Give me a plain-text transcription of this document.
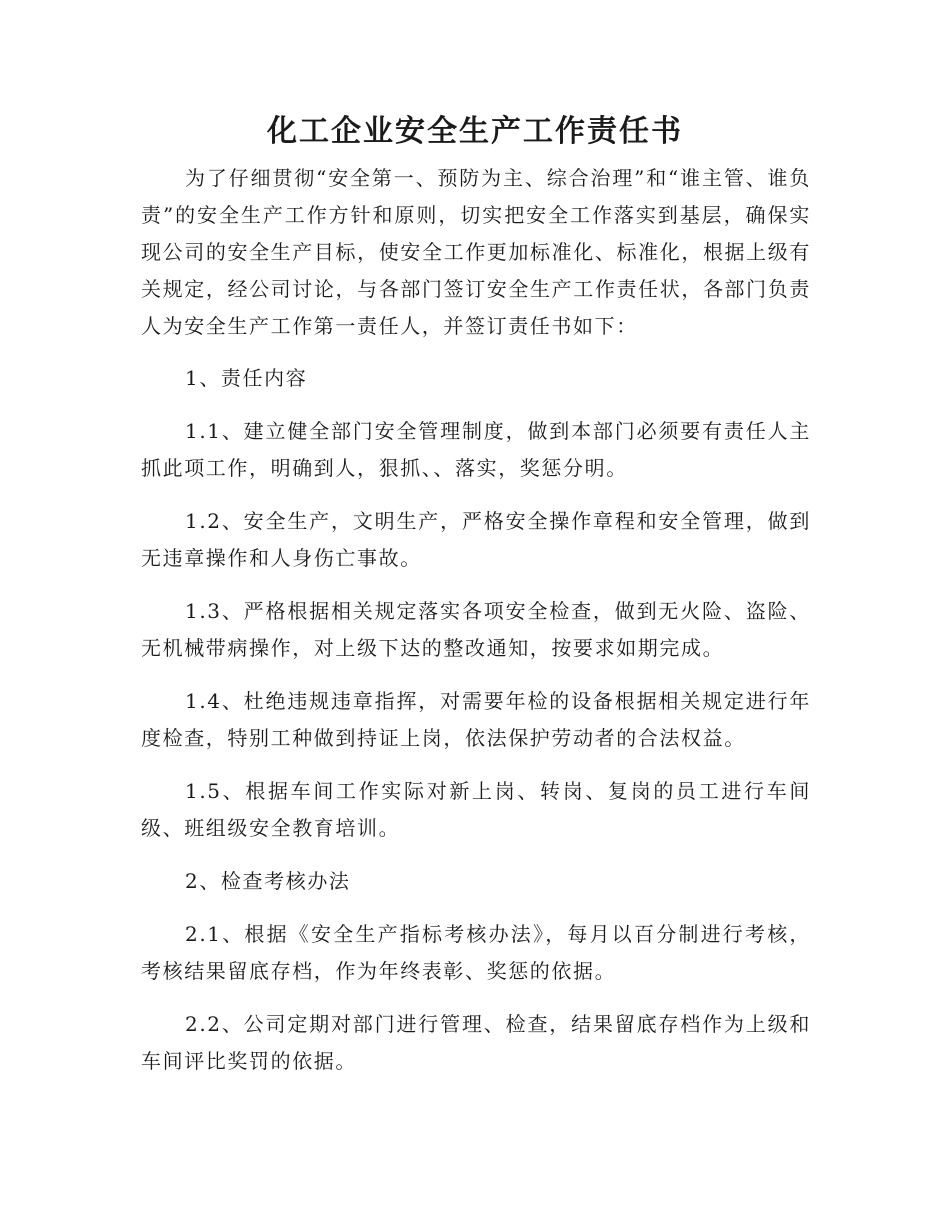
化工企业安全生产工作责任书

为了仔细贯彻“安全第一、预防为主、综合治理”和“谁主管、谁负责”的安全生产工作方针和原则，切实把安全工作落实到基层，确保实现公司的安全生产目标，使安全工作更加标准化、标准化，根据上级有关规定，经公司讨论，与各部门签订安全生产工作责任状，各部门负责人为安全生产工作第一责任人，并签订责任书如下：

1、责任内容

1.1、建立健全部门安全管理制度，做到本部门必须要有责任人主抓此项工作，明确到人，狠抓、、落实，奖惩分明。

1.2、安全生产，文明生产，严格安全操作章程和安全管理，做到无违章操作和人身伤亡事故。

1.3、严格根据相关规定落实各项安全检查，做到无火险、盗险、无机械带病操作，对上级下达的整改通知，按要求如期完成。

1.4、杜绝违规违章指挥，对需要年检的设备根据相关规定进行年度检查，特别工种做到持证上岗，依法保护劳动者的合法权益。

1.5、根据车间工作实际对新上岗、转岗、复岗的员工进行车间级、班组级安全教育培训。

2、检查考核办法

2.1、根据《安全生产指标考核办法》，每月以百分制进行考核，考核结果留底存档，作为年终表彰、奖惩的依据。

2.2、公司定期对部门进行管理、检查，结果留底存档作为上级和车间评比奖罚的依据。
